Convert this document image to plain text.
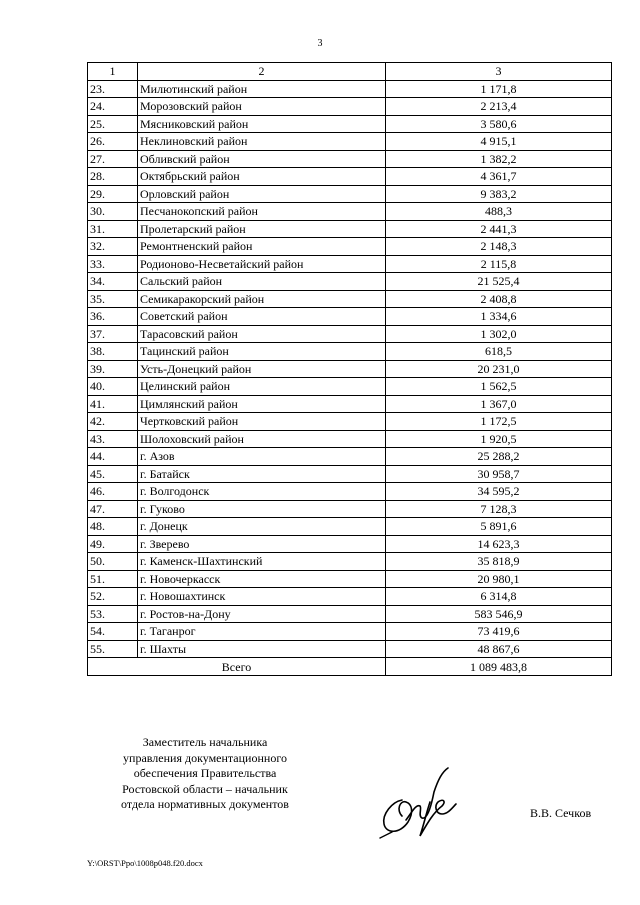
3
1	2	3
23.	Милютинский район	1 171,8
24.	Морозовский район	2 213,4
25.	Мясниковский район	3 580,6
26.	Неклиновский район	4 915,1
27.	Обливский район	1 382,2
28.	Октябрьский район	4 361,7
29.	Орловский район	9 383,2
30.	Песчанокопский район	488,3
31.	Пролетарский район	2 441,3
32.	Ремонтненский район	2 148,3
33.	Родионово-Несветайский район	2 115,8
34.	Сальский район	21 525,4
35.	Семикаракорский район	2 408,8
36.	Советский район	1 334,6
37.	Тарасовский район	1 302,0
38.	Тацинский район	618,5
39.	Усть-Донецкий район	20 231,0
40.	Целинский район	1 562,5
41.	Цимлянский район	1 367,0
42.	Чертковский район	1 172,5
43.	Шолоховский район	1 920,5
44.	г. Азов	25 288,2
45.	г. Батайск	30 958,7
46.	г. Волгодонск	34 595,2
47.	г. Гуково	7 128,3
48.	г. Донецк	5 891,6
49.	г. Зверево	14 623,3
50.	г. Каменск-Шахтинский	35 818,9
51.	г. Новочеркасск	20 980,1
52.	г. Новошахтинск	6 314,8
53.	г. Ростов-на-Дону	583 546,9
54.	г. Таганрог	73 419,6
55.	г. Шахты	48 867,6
Всего		1 089 483,8
Заместитель начальника
управления документационного
обеспечения Правительства
Ростовской области – начальник
отдела нормативных документов
В.В. Сечков
Y:\ORST\Ppo\1008p048.f20.docx
